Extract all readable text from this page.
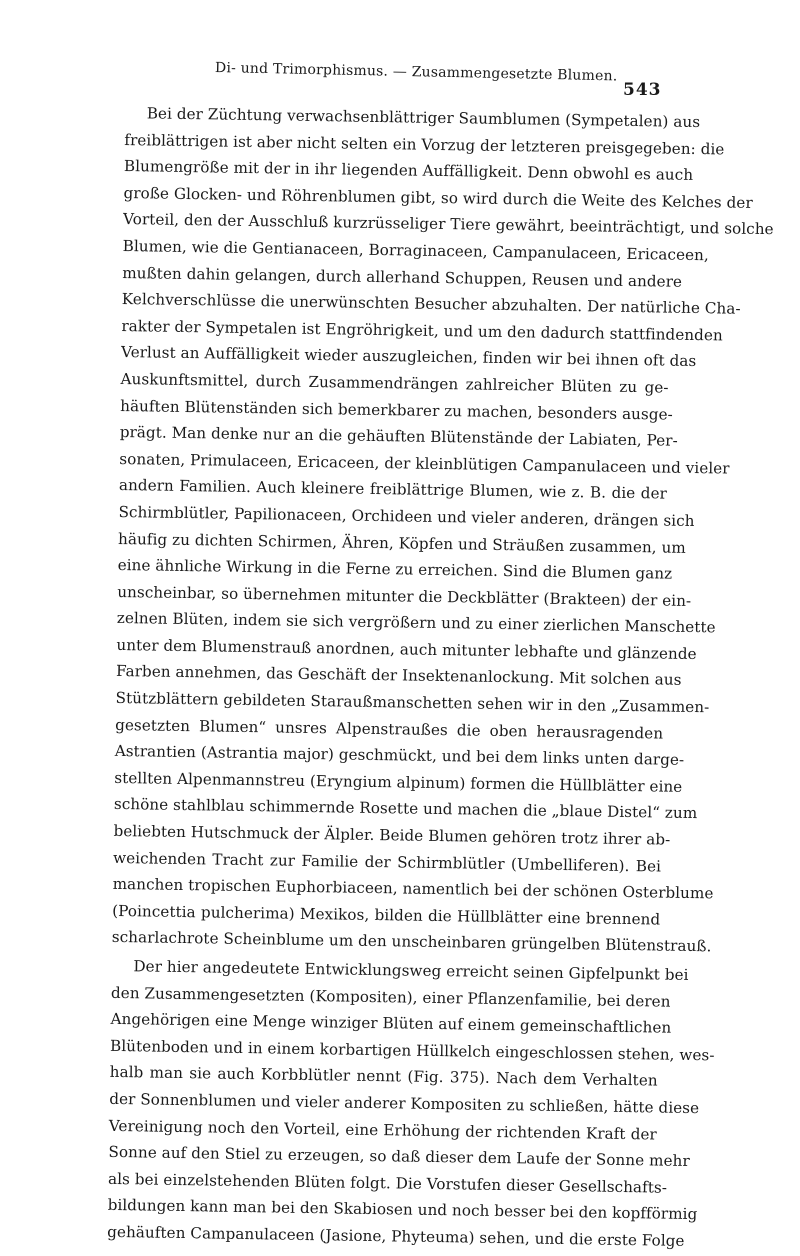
Di- und Trimorphismus. — Zusammengesetzte Blumen.
543
Bei der Züchtung verwachsenblättriger Saumblumen (Sympetalen) aus
freiblättrigen ist aber nicht selten ein Vorzug der letzteren preisgegeben: die
Blumengröße mit der in ihr liegenden Auffälligkeit. Denn obwohl es auch
große Glocken- und Röhrenblumen gibt, so wird durch die Weite des Kelches der
Vorteil, den der Ausschluß kurzrüsseliger Tiere gewährt, beeinträchtigt, und solche
Blumen, wie die Gentianaceen, Borraginaceen, Campanulaceen, Ericaceen,
mußten dahin gelangen, durch allerhand Schuppen, Reusen und andere
Kelchverschlüsse die unerwünschten Besucher abzuhalten. Der natürliche Cha-
rakter der Sympetalen ist Engröhrigkeit, und um den dadurch stattfindenden
Verlust an Auffälligkeit wieder auszugleichen, finden wir bei ihnen oft das
Auskunftsmittel, durch Zusammendrängen zahlreicher Blüten zu ge-
häuften Blütenständen sich bemerkbarer zu machen, besonders ausge-
prägt. Man denke nur an die gehäuften Blütenstände der Labiaten, Per-
sonaten, Primulaceen, Ericaceen, der kleinblütigen Campanulaceen und vieler
andern Familien. Auch kleinere freiblättrige Blumen, wie z. B. die der
Schirmblütler, Papilionaceen, Orchideen und vieler anderen, drängen sich
häufig zu dichten Schirmen, Ähren, Köpfen und Sträußen zusammen, um
eine ähnliche Wirkung in die Ferne zu erreichen. Sind die Blumen ganz
unscheinbar, so übernehmen mitunter die Deckblätter (Brakteen) der ein-
zelnen Blüten, indem sie sich vergrößern und zu einer zierlichen Manschette
unter dem Blumenstrauß anordnen, auch mitunter lebhafte und glänzende
Farben annehmen, das Geschäft der Insektenanlockung. Mit solchen aus
Stützblättern gebildeten Staraußmanschetten sehen wir in den „Zusammen-
gesetzten Blumen“ unsres Alpenstraußes die oben herausragenden
Astrantien (Astrantia major) geschmückt, und bei dem links unten darge-
stellten Alpenmannstreu (Eryngium alpinum) formen die Hüllblätter eine
schöne stahlblau schimmernde Rosette und machen die „blaue Distel“ zum
beliebten Hutschmuck der Älpler. Beide Blumen gehören trotz ihrer ab-
weichenden Tracht zur Familie der Schirmblütler (Umbelliferen). Bei
manchen tropischen Euphorbiaceen, namentlich bei der schönen Osterblume
(Poincettia pulcherima) Mexikos, bilden die Hüllblätter eine brennend
scharlachrote Scheinblume um den unscheinbaren grüngelben Blütenstrauß.
Der hier angedeutete Entwicklungsweg erreicht seinen Gipfelpunkt bei
den Zusammengesetzten (Kompositen), einer Pflanzenfamilie, bei deren
Angehörigen eine Menge winziger Blüten auf einem gemeinschaftlichen
Blütenboden und in einem korbartigen Hüllkelch eingeschlossen stehen, wes-
halb man sie auch Korbblütler nennt (Fig. 375). Nach dem Verhalten
der Sonnenblumen und vieler anderer Kompositen zu schließen, hätte diese
Vereinigung noch den Vorteil, eine Erhöhung der richtenden Kraft der
Sonne auf den Stiel zu erzeugen, so daß dieser dem Laufe der Sonne mehr
als bei einzelstehenden Blüten folgt. Die Vorstufen dieser Gesellschafts-
bildungen kann man bei den Skabiosen und noch besser bei den kopfförmig
gehäuften Campanulaceen (Jasione, Phyteuma) sehen, und die erste Folge
